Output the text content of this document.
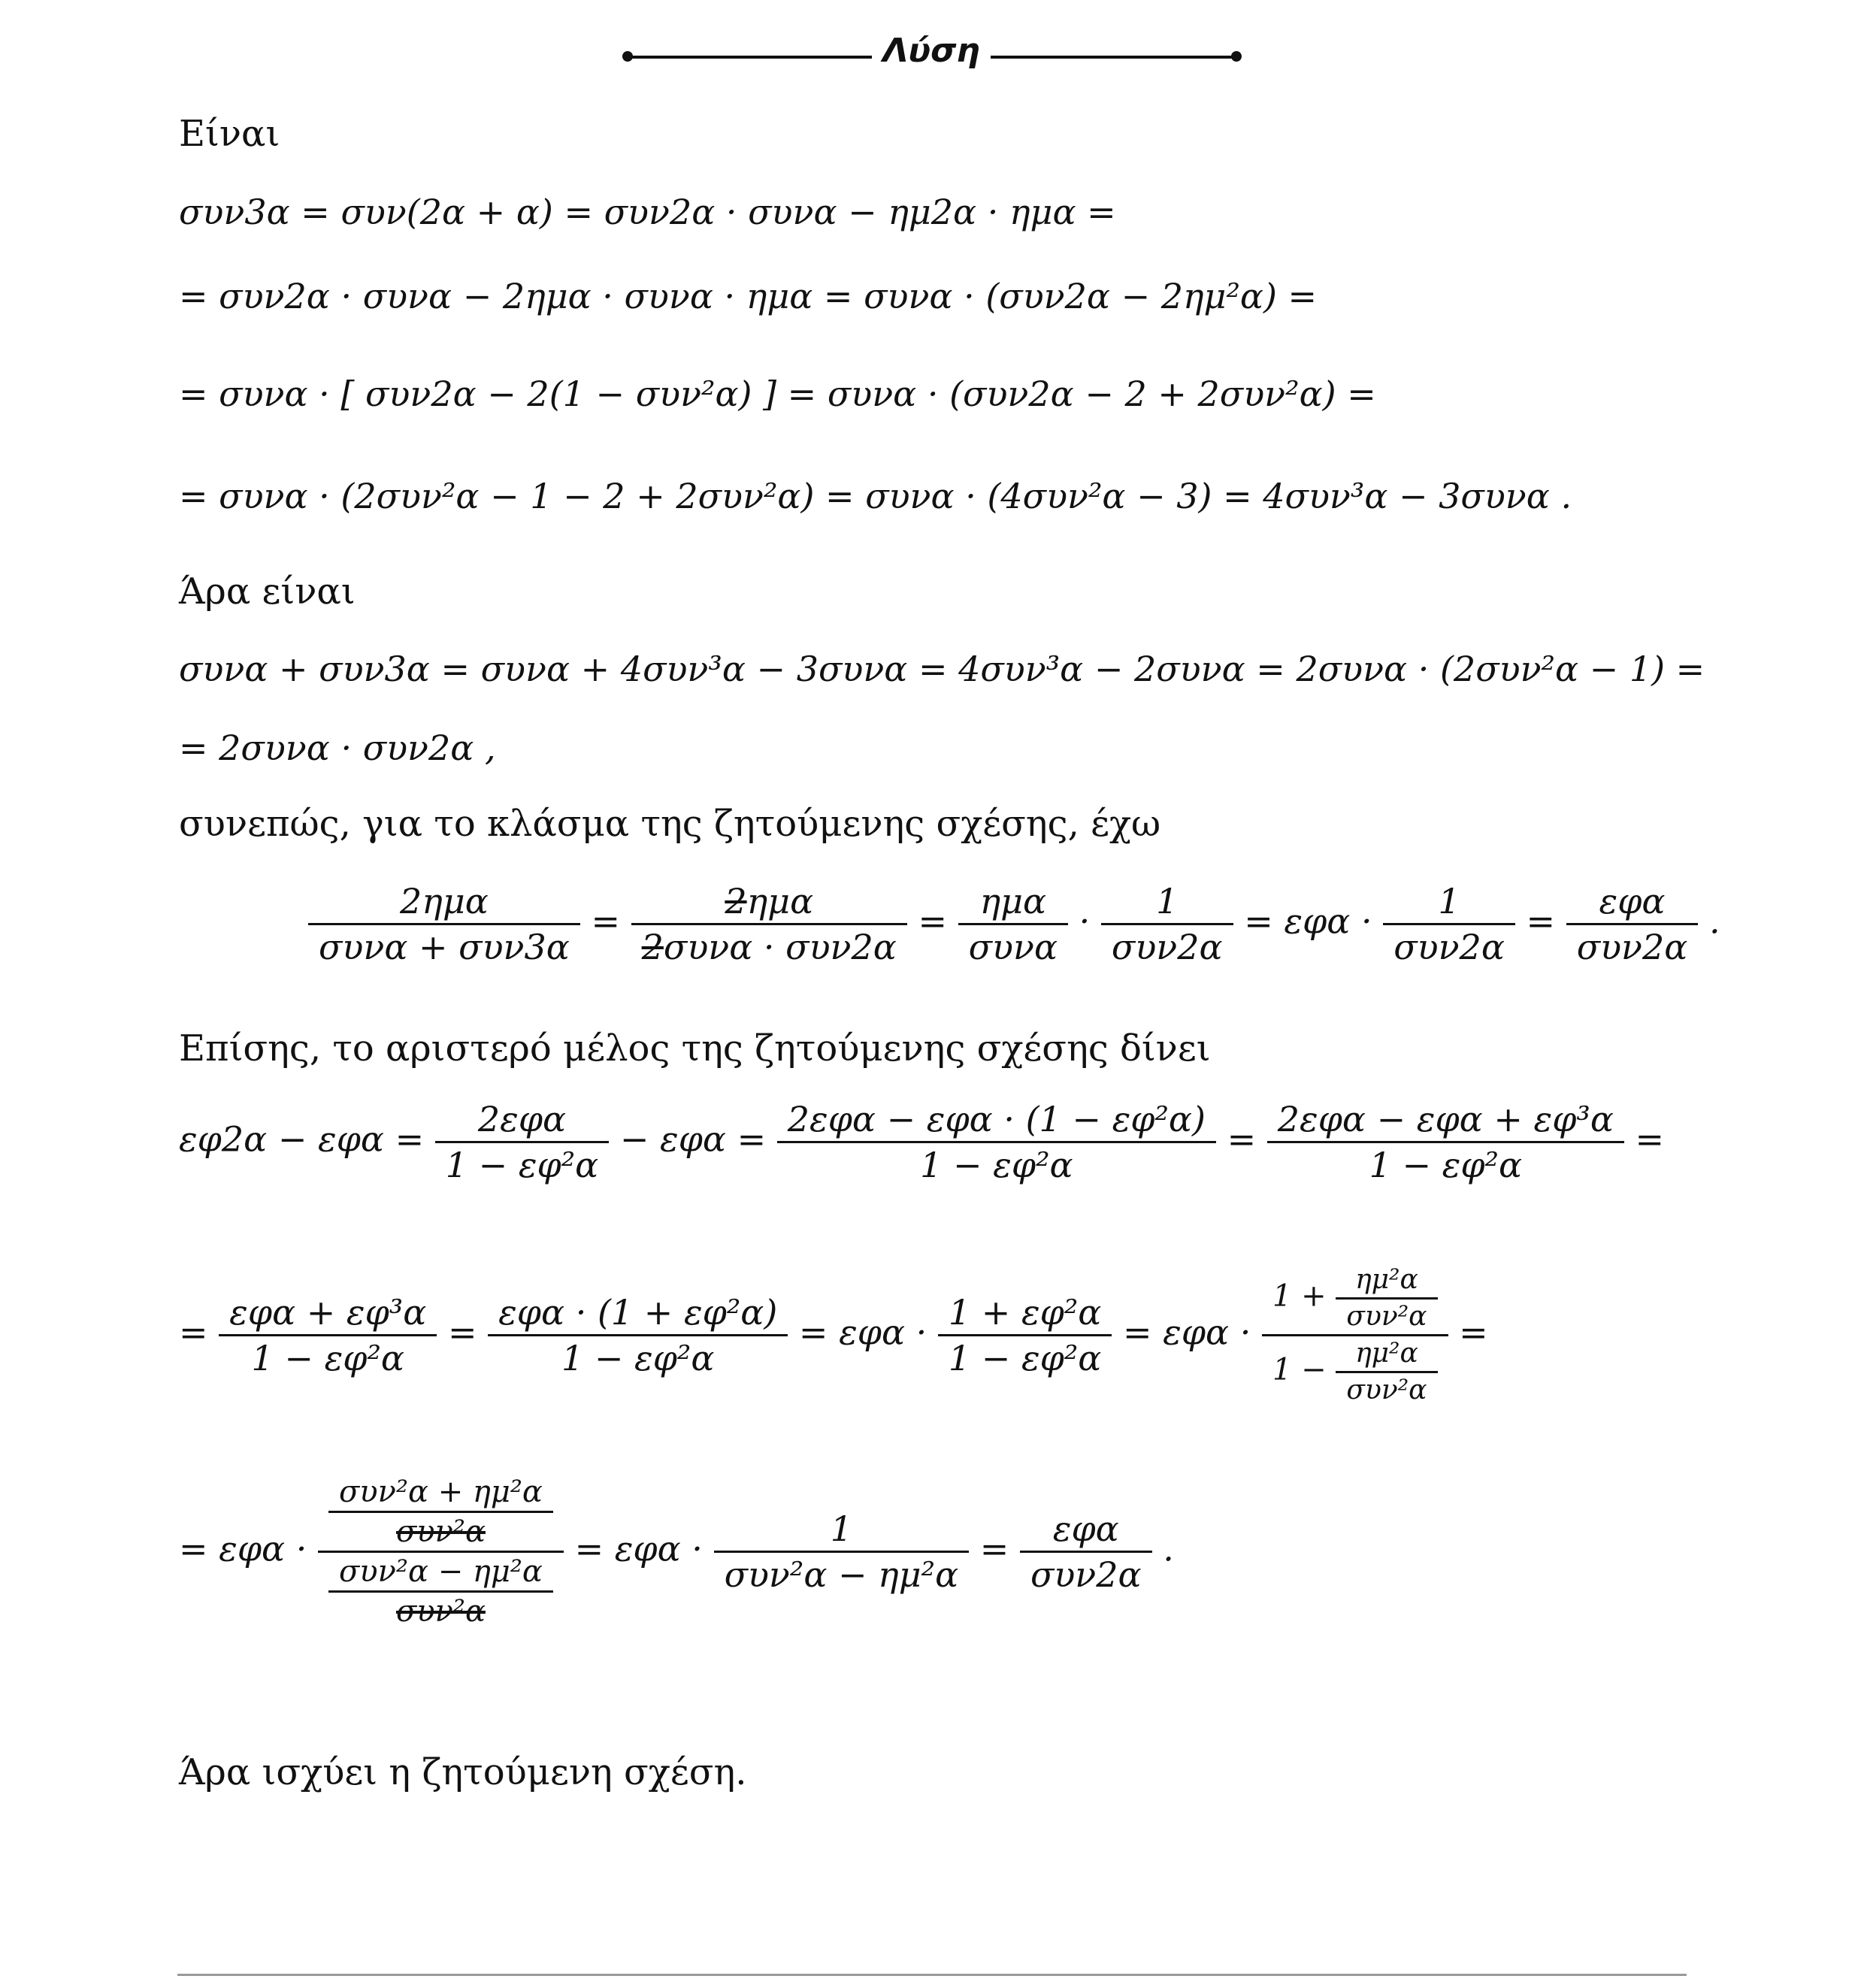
Λύση
Είναι
συν3α = συν(2α + α) = συν2α · συνα − ημ2α · ημα =
= συν2α · συνα − 2ημα · συνα · ημα = συνα · (συν2α − 2ημ²α) =
= συνα · [ συν2α − 2(1 − συν²α) ] = συνα · (συν2α − 2 + 2συν²α) =
= συνα · (2συν²α − 1 − 2 + 2συν²α) = συνα · (4συν²α − 3) = 4συν³α − 3συνα .
Άρα είναι
συνα + συν3α = συνα + 4συν³α − 3συνα = 4συν³α − 2συνα = 2συνα · (2συν²α − 1) =
= 2συνα · συν2α ,
συνεπώς, για το κλάσμα της ζητούμενης σχέσης, έχω
$\frac{\text{2ημα}}{\text{συνα + συν3α}} = \frac{\text{2ημα}}{\text{2συνα · συν2α}} = \frac{\text{ημα}}{\text{συνα}} \cdot \frac{1}{\text{συν2α}} = \varepsilon\varphi\alpha \cdot \frac{1}{\text{συν2α}} = \frac{\text{εφα}}{\text{συν2α}}$ .
Επίσης, το αριστερό μέλος της ζητούμενης σχέσης δίνει
$\varepsilon\varphi 2\alpha - \varepsilon\varphi\alpha = \frac{\text{2εφα}}{\text{1 − εφ²α}} - \varepsilon\varphi\alpha = \frac{\text{2εφα − εφα · (1 − εφ²α)}}{\text{1 − εφ²α}} = \frac{\text{2εφα − εφα + εφ³α}}{\text{1 − εφ²α}}$ =
= $\frac{\text{εφα + εφ³α}}{\text{1 − εφ²α}} = \frac{\text{εφα · (1 + εφ²α)}}{\text{1 − εφ²α}} = \varepsilon\varphi\alpha \cdot \frac{\text{1 + εφ²α}}{\text{1 − εφ²α}} = \varepsilon\varphi\alpha \cdot \frac{1 + \frac{\text{ημ²α}}{\text{συν²α}}}{1 - \frac{\text{ημ²α}}{\text{συν²α}}}$ =
= $\varepsilon\varphi\alpha \cdot \frac{\frac{\text{συν²α + ημ²α}}{\text{συν²α}}}{\frac{\text{συν²α − ημ²α}}{\text{συν²α}}} = \varepsilon\varphi\alpha \cdot \frac{1}{\text{συν²α − ημ²α}} = \frac{\text{εφα}}{\text{συν2α}}$ .
Άρα ισχύει η ζητούμενη σχέση.
